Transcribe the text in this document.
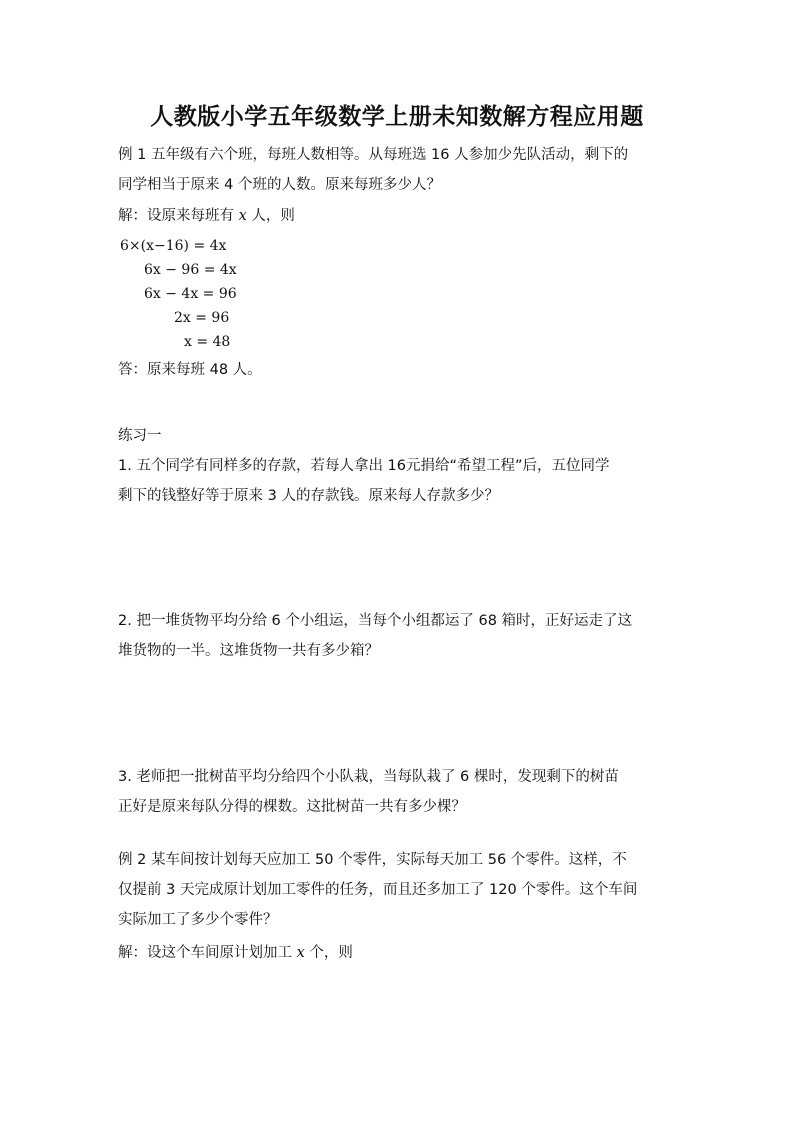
人教版小学五年级数学上册未知数解方程应用题
例 1 五年级有六个班，每班人数相等。从每班选 16 人参加少先队活动，剩下的
同学相当于原来 4 个班的人数。原来每班多少人？
解：设原来每班有 x 人，则
6×(x−16) = 4x
6x − 96 = 4x
6x − 4x = 96
2x = 96
x = 48
答：原来每班 48 人。
练习一
1. 五个同学有同样多的存款，若每人拿出 16元捐给“希望工程”后，五位同学
剩下的钱整好等于原来 3 人的存款钱。原来每人存款多少？
2. 把一堆货物平均分给 6 个小组运，当每个小组都运了 68 箱时，正好运走了这
堆货物的一半。这堆货物一共有多少箱？
3. 老师把一批树苗平均分给四个小队栽，当每队栽了 6 棵时，发现剩下的树苗
正好是原来每队分得的棵数。这批树苗一共有多少棵？
例 2 某车间按计划每天应加工 50 个零件，实际每天加工 56 个零件。这样，不
仅提前 3 天完成原计划加工零件的任务，而且还多加工了 120 个零件。这个车间
实际加工了多少个零件？
解：设这个车间原计划加工 x 个，则
